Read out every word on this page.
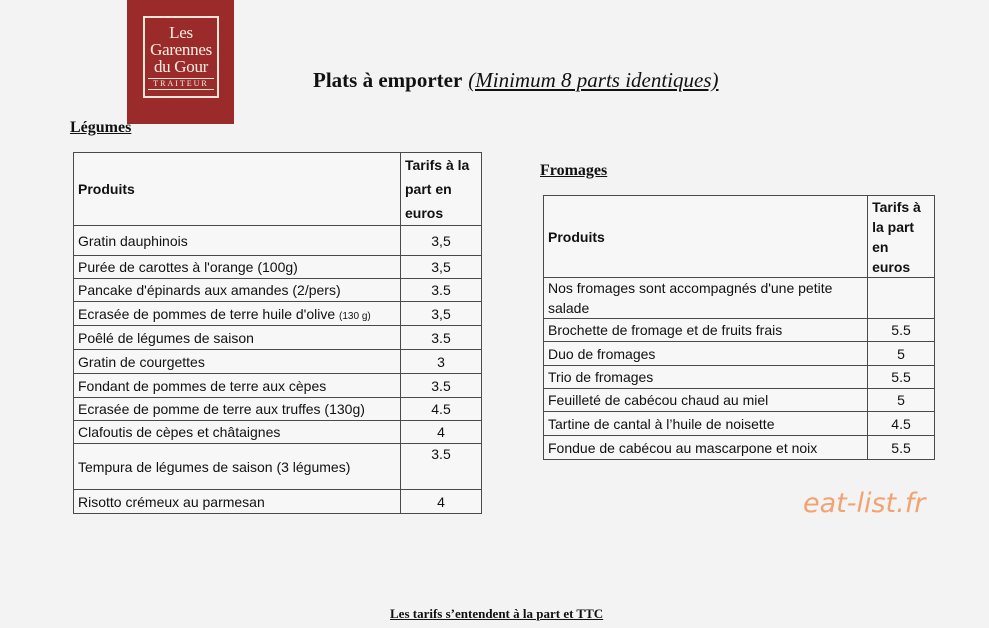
Les
Garennes
du Gour
TRAITEUR	Plats à emporter (Minimum 8 parts identiques)
Légumes
Produits	Tarifs à la part en euros
Gratin dauphinois	3,5
Purée de carottes à l'orange (100g)	3,5
Pancake d'épinards aux amandes (2/pers)	3.5
Ecrasée de pommes de terre huile d'olive (130 g)	3,5
Poêlé de légumes de saison	3.5
Gratin de courgettes	3
Fondant de pommes de terre aux cèpes	3.5
Ecrasée de pomme de terre aux truffes (130g)	4.5
Clafoutis de cèpes et châtaignes	4
Tempura de légumes de saison (3 légumes)	3.5
Risotto crémeux au parmesan	4
Fromages
Produits	Tarifs à la part en euros
Nos fromages sont accompagnés d'une petite salade	
Brochette de fromage et de fruits frais	5.5
Duo de fromages	5
Trio de fromages	5.5
Feuilleté de cabécou chaud au miel	5
Tartine de cantal à l’huile de noisette	4.5
Fondue de cabécou au mascarpone et noix	5.5
eat-list.fr
Les tarifs s’entendent à la part et TTC
